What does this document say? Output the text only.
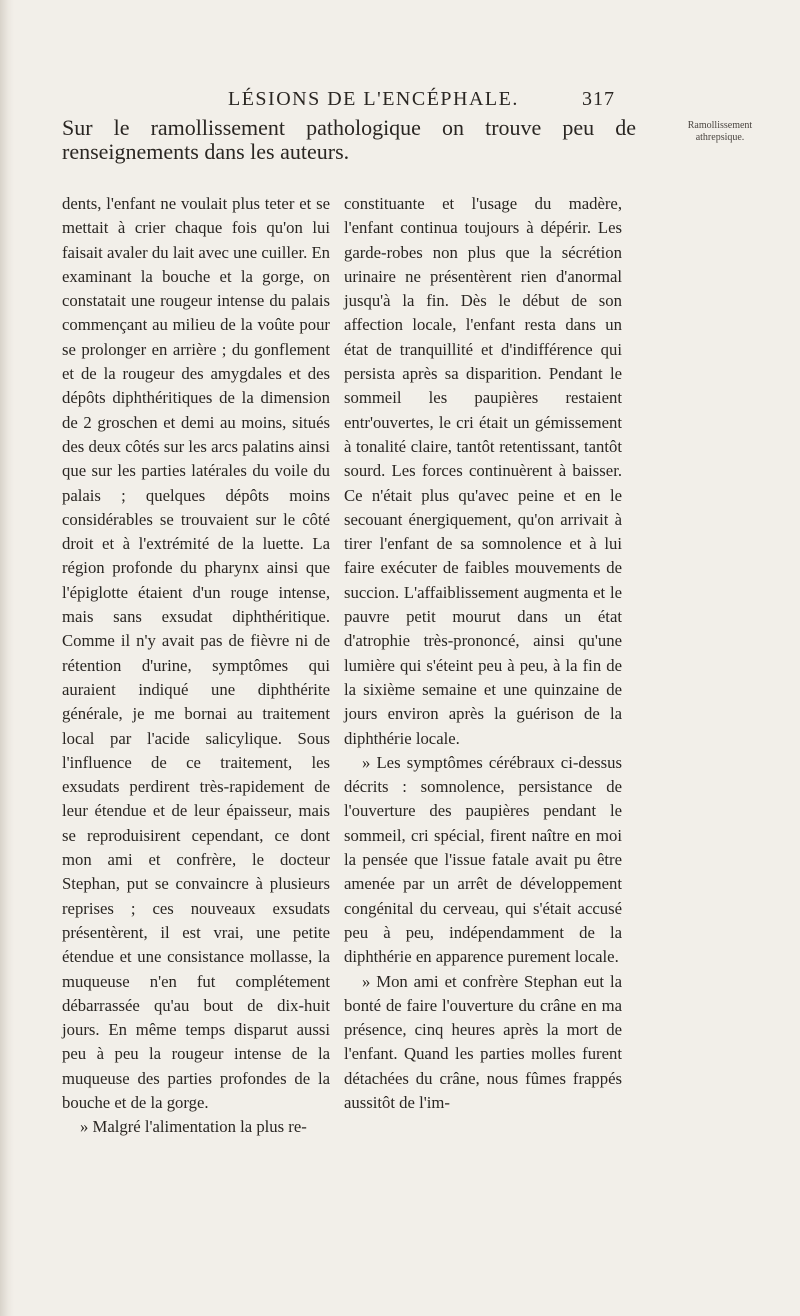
LÉSIONS DE L'ENCÉPHALE.	317
Ramollissement
athrepsique.
Sur le ramollissement pathologique on trouve peu de renseignements dans les auteurs.

dents, l'enfant ne voulait plus teter et se mettait à crier chaque fois qu'on lui faisait avaler du lait avec une cuiller. En examinant la bouche et la gorge, on constatait une rougeur intense du palais commençant au milieu de la voûte pour se prolonger en arrière ; du gonflement et de la rougeur des amygdales et des dépôts diphthéritiques de la dimension de 2 groschen et demi au moins, situés des deux côtés sur les arcs palatins ainsi que sur les parties latérales du voile du palais ; quelques dépôts moins considérables se trouvaient sur le côté droit et à l'extrémité de la luette. La région profonde du pharynx ainsi que l'épiglotte étaient d'un rouge intense, mais sans exsudat diphthéritique. Comme il n'y avait pas de fièvre ni de rétention d'urine, symptômes qui auraient indiqué une diphthérite générale, je me bornai au traitement local par l'acide salicylique. Sous l'influence de ce traitement, les exsudats perdirent très-rapidement de leur étendue et de leur épaisseur, mais se reproduisirent cependant, ce dont mon ami et confrère, le docteur Stephan, put se convaincre à plusieurs reprises ; ces nouveaux exsudats présentèrent, il est vrai, une petite étendue et une consistance mollasse, la muqueuse n'en fut complétement débarrassée qu'au bout de dix-huit jours. En même temps disparut aussi peu à peu la rougeur intense de la muqueuse des parties profondes de la bouche et de la gorge.

» Malgré l'alimentation la plus re-

constituante et l'usage du madère, l'enfant continua toujours à dépérir. Les garde-robes non plus que la sécrétion urinaire ne présentèrent rien d'anormal jusqu'à la fin. Dès le début de son affection locale, l'enfant resta dans un état de tranquillité et d'indifférence qui persista après sa disparition. Pendant le sommeil les paupières restaient entr'ouvertes, le cri était un gémissement à tonalité claire, tantôt retentissant, tantôt sourd. Les forces continuèrent à baisser. Ce n'était plus qu'avec peine et en le secouant énergiquement, qu'on arrivait à tirer l'enfant de sa somnolence et à lui faire exécuter de faibles mouvements de succion. L'affaiblissement augmenta et le pauvre petit mourut dans un état d'atrophie très-prononcé, ainsi qu'une lumière qui s'éteint peu à peu, à la fin de la sixième semaine et une quinzaine de jours environ après la guérison de la diphthérie locale.

» Les symptômes cérébraux ci-dessus décrits : somnolence, persistance de l'ouverture des paupières pendant le sommeil, cri spécial, firent naître en moi la pensée que l'issue fatale avait pu être amenée par un arrêt de développement congénital du cerveau, qui s'était accusé peu à peu, indépendamment de la diphthérie en apparence purement locale.

» Mon ami et confrère Stephan eut la bonté de faire l'ouverture du crâne en ma présence, cinq heures après la mort de l'enfant. Quand les parties molles furent détachées du crâne, nous fûmes frappés aussitôt de l'im-
